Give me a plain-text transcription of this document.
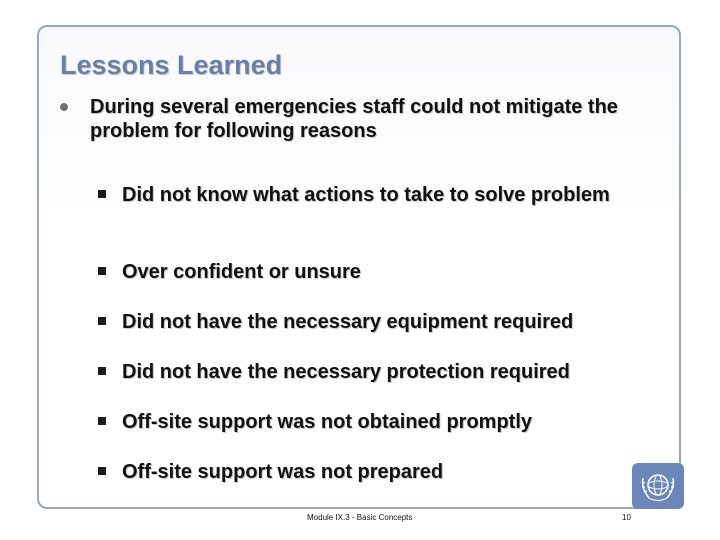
Lessons Learned
During several emergencies staff could not mitigate the problem for following reasons
Did not know what actions to take to solve problem
Over confident or unsure
Did not have the necessary equipment required
Did not have the necessary protection required
Off-site support was not obtained promptly
Off-site support was not prepared
Module IX.3 - Basic Concepts	10
